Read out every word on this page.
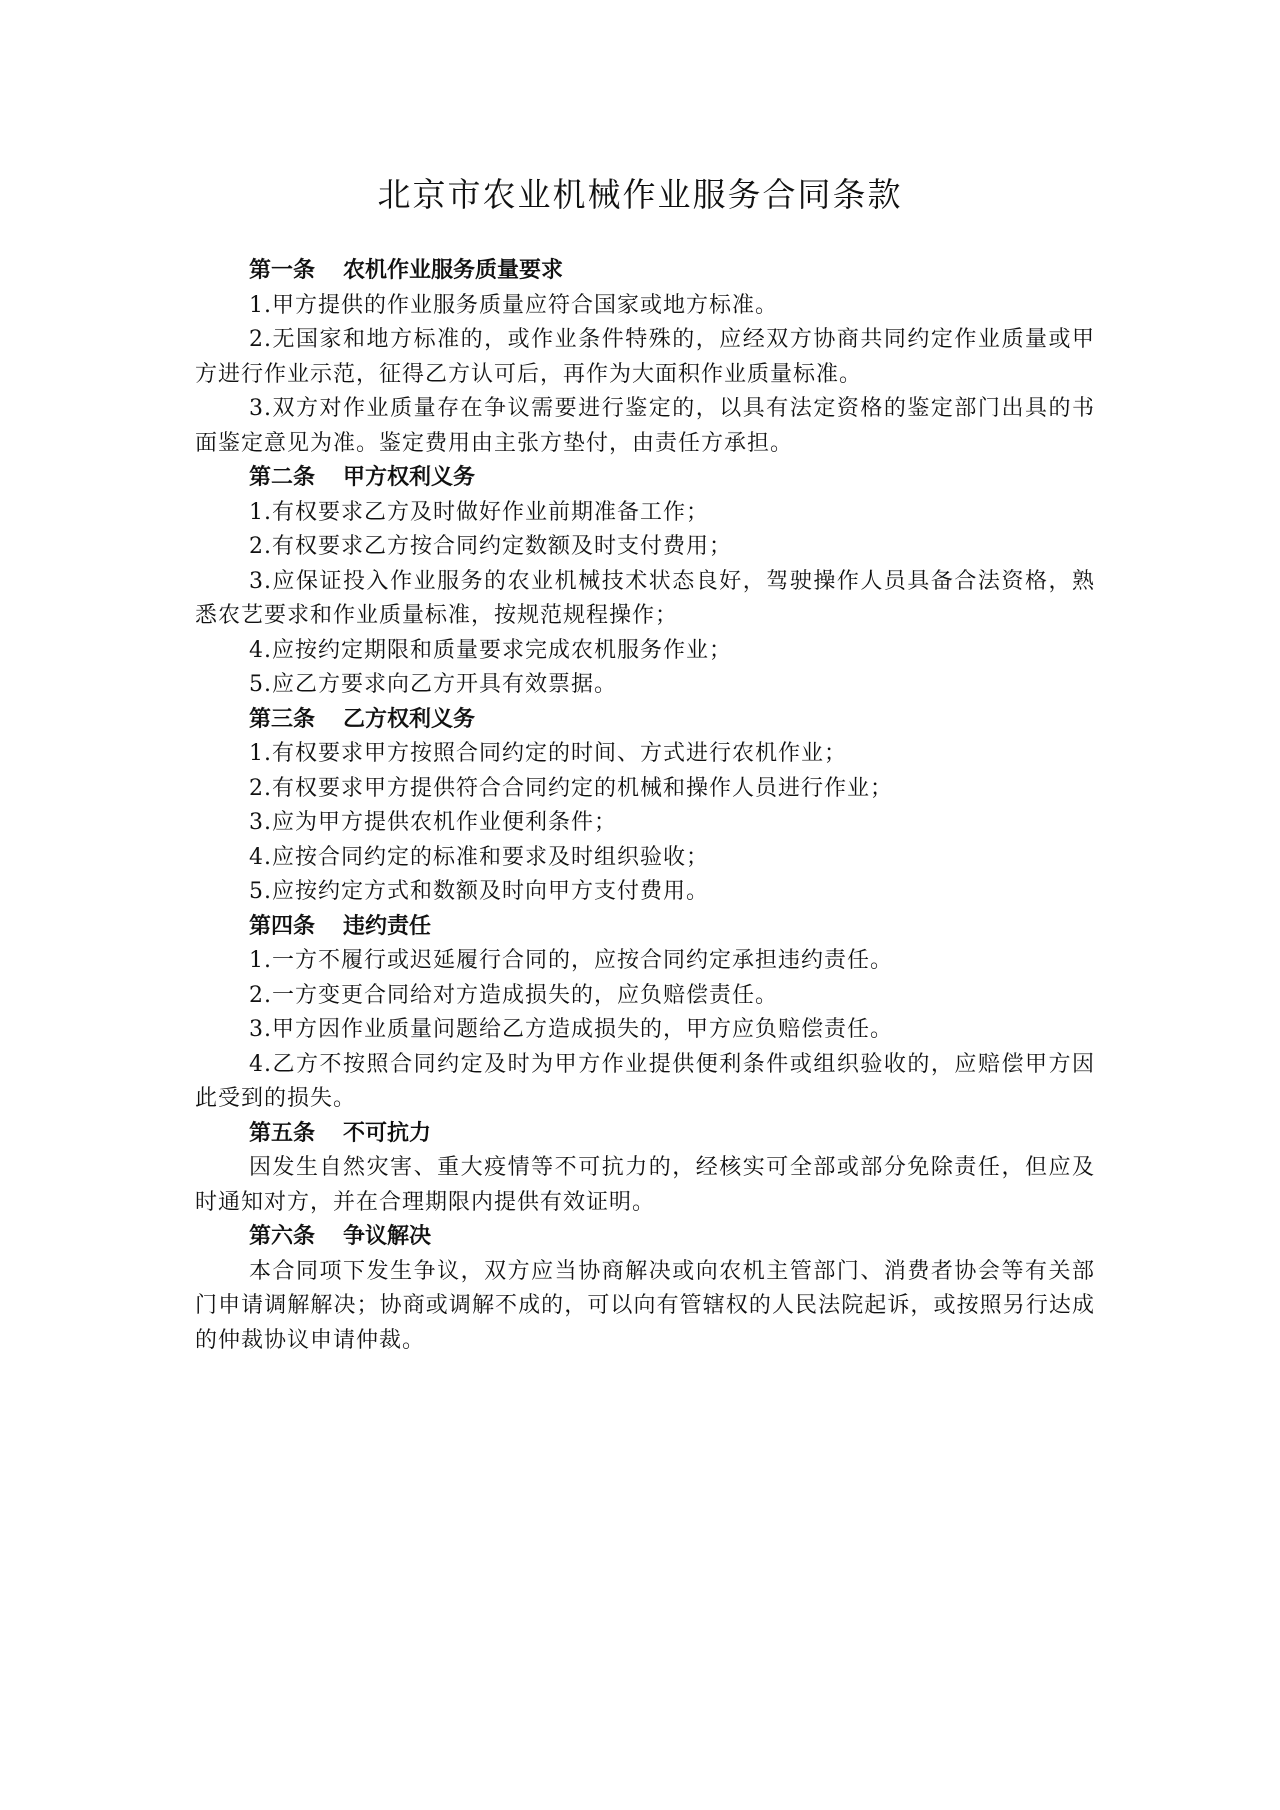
北京市农业机械作业服务合同条款

第一条 农机作业服务质量要求

1.甲方提供的作业服务质量应符合国家或地方标准。

2.无国家和地方标准的，或作业条件特殊的，应经双方协商共同约定作业质量或甲方进行作业示范，征得乙方认可后，再作为大面积作业质量标准。

3.双方对作业质量存在争议需要进行鉴定的，以具有法定资格的鉴定部门出具的书面鉴定意见为准。鉴定费用由主张方垫付，由责任方承担。

第二条 甲方权利义务

1.有权要求乙方及时做好作业前期准备工作；

2.有权要求乙方按合同约定数额及时支付费用；

3.应保证投入作业服务的农业机械技术状态良好，驾驶操作人员具备合法资格，熟悉农艺要求和作业质量标准，按规范规程操作；

4.应按约定期限和质量要求完成农机服务作业；

5.应乙方要求向乙方开具有效票据。

第三条 乙方权利义务

1.有权要求甲方按照合同约定的时间、方式进行农机作业；

2.有权要求甲方提供符合合同约定的机械和操作人员进行作业；

3.应为甲方提供农机作业便利条件；

4.应按合同约定的标准和要求及时组织验收；

5.应按约定方式和数额及时向甲方支付费用。

第四条 违约责任

1.一方不履行或迟延履行合同的，应按合同约定承担违约责任。

2.一方变更合同给对方造成损失的，应负赔偿责任。

3.甲方因作业质量问题给乙方造成损失的，甲方应负赔偿责任。

4.乙方不按照合同约定及时为甲方作业提供便利条件或组织验收的，应赔偿甲方因此受到的损失。

第五条 不可抗力

因发生自然灾害、重大疫情等不可抗力的，经核实可全部或部分免除责任，但应及时通知对方，并在合理期限内提供有效证明。

第六条 争议解决

本合同项下发生争议，双方应当协商解决或向农机主管部门、消费者协会等有关部门申请调解解决；协商或调解不成的，可以向有管辖权的人民法院起诉，或按照另行达成的仲裁协议申请仲裁。
